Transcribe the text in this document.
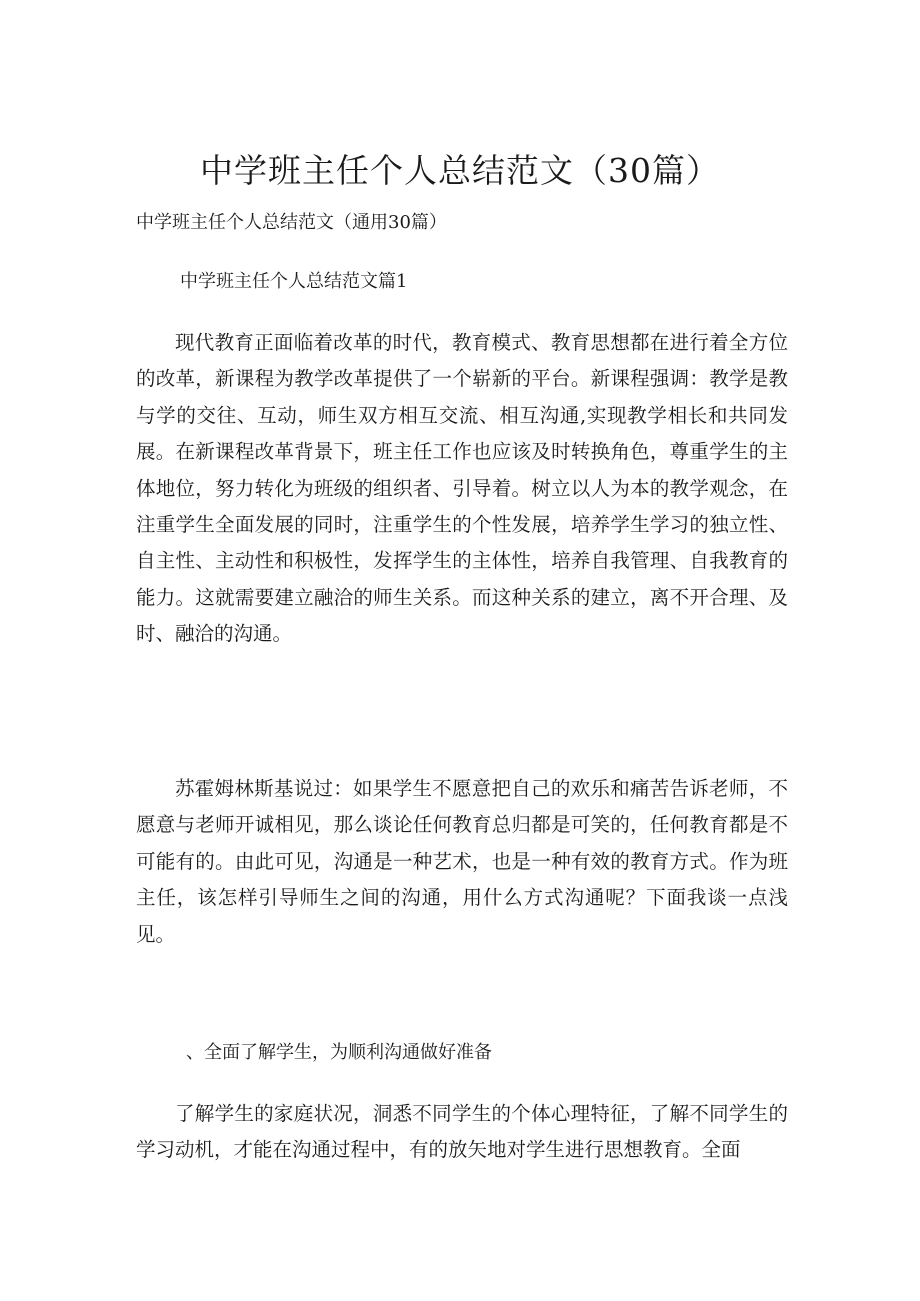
中学班主任个人总结范文（30篇）
中学班主任个人总结范文（通用30篇）
中学班主任个人总结范文篇1

现代教育正面临着改革的时代，教育模式、教育思想都在进行着全方位的改革，新课程为教学改革提供了一个崭新的平台。新课程强调：教学是教与学的交往、互动，师生双方相互交流、相互沟通,实现教学相长和共同发展。在新课程改革背景下，班主任工作也应该及时转换角色，尊重学生的主体地位，努力转化为班级的组织者、引导着。树立以人为本的教学观念，在注重学生全面发展的同时，注重学生的个性发展，培养学生学习的独立性、自主性、主动性和积极性，发挥学生的主体性，培养自我管理、自我教育的能力。这就需要建立融洽的师生关系。而这种关系的建立，离不开合理、及时、融洽的沟通。

苏霍姆林斯基说过：如果学生不愿意把自己的欢乐和痛苦告诉老师，不愿意与老师开诚相见，那么谈论任何教育总归都是可笑的，任何教育都是不可能有的。由此可见，沟通是一种艺术，也是一种有效的教育方式。作为班主任，该怎样引导师生之间的沟通，用什么方式沟通呢？下面我谈一点浅见。

、全面了解学生，为顺利沟通做好准备

了解学生的家庭状况，洞悉不同学生的个体心理特征，了解不同学生的学习动机，才能在沟通过程中，有的放矢地对学生进行思想教育。全面
